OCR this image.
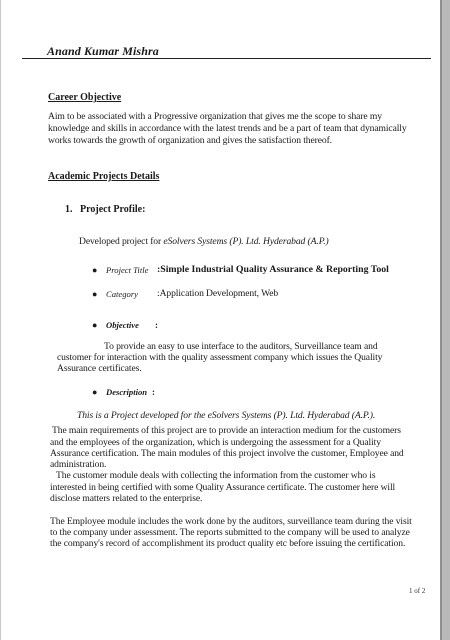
Anand Kumar Mishra

Career Objective

Aim to be associated with a Progressive organization that gives me the scope to share my

knowledge and skills in accordance with the latest trends and be a part of team that dynamically

works towards the growth of organization and gives the satisfaction thereof.

Academic Projects Details

1.   Project Profile:

Developed project for eSolvers Systems (P). Ltd. Hyderabad (A.P.)

● Project Title :Simple Industrial Quality Assurance & Reporting Tool

● Category :Application Development, Web

● Objective :

To provide an easy to use interface to the auditors, Surveillance team and

customer for interaction with the quality assessment company which issues the Quality

Assurance certificates.

● Description :

This is a Project developed for the eSolvers Systems (P). Ltd. Hyderabad (A.P.).

The main requirements of this project are to provide an interaction medium for the customers

and the employees of the organization, which is undergoing the assessment for a Quality

Assurance certification. The main modules of this project involve the customer, Employee and

administration.

The customer module deals with collecting the information from the customer who is

interested in being certified with some Quality Assurance certificate. The customer here will

disclose matters related to the enterprise.

The Employee module includes the work done by the auditors, surveillance team during the visit

to the company under assessment. The reports submitted to the company will be used to analyze

the company's record of accomplishment its product quality etc before issuing the certification.

1 of 2
